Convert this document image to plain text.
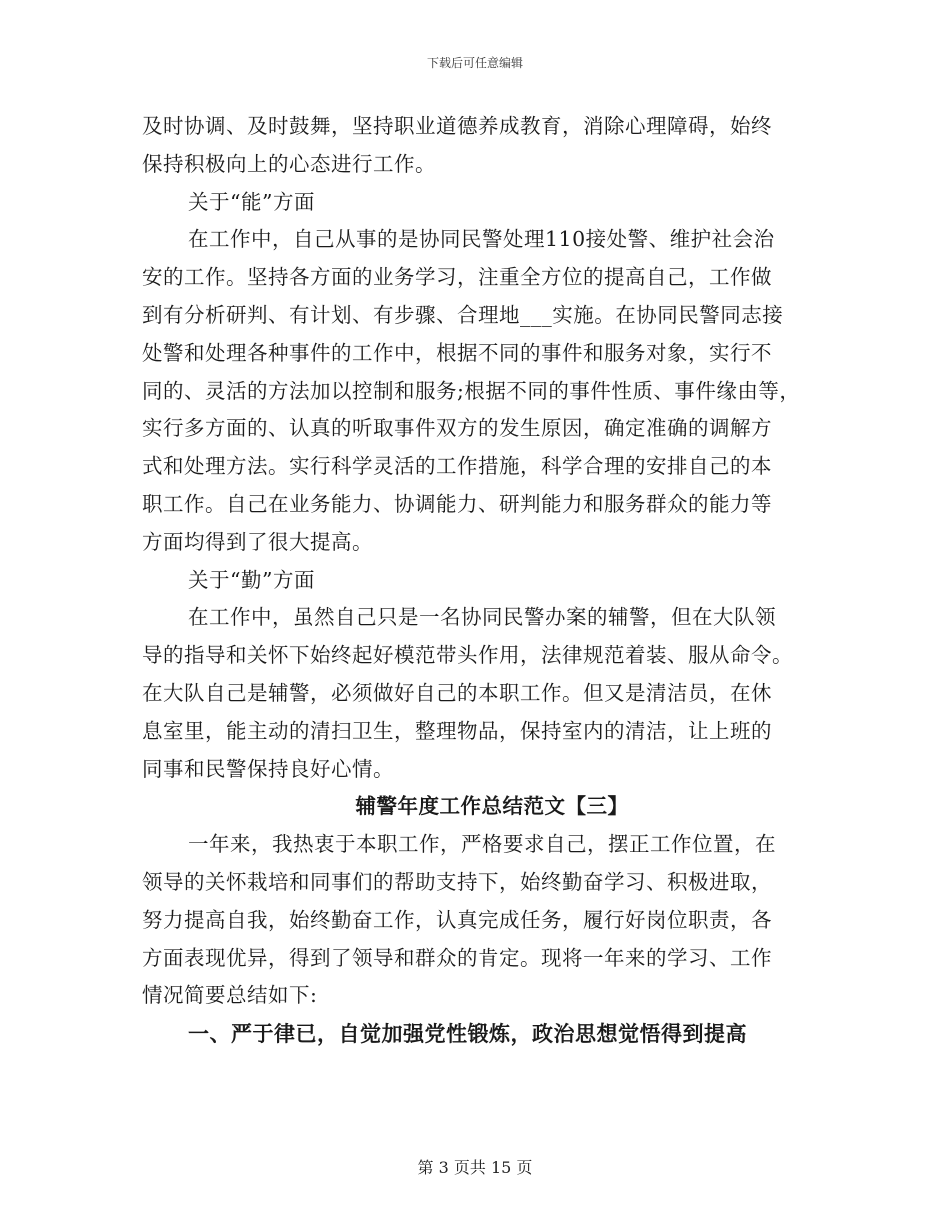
下载后可任意编辑
及时协调、及时鼓舞，坚持职业道德养成教育，消除心理障碍，始终
保持积极向上的心态进行工作。
关于“能”方面
在工作中，自己从事的是协同民警处理110接处警、维护社会治
安的工作。坚持各方面的业务学习，注重全方位的提高自己，工作做
到有分析研判、有计划、有步骤、合理地___实施。在协同民警同志接
处警和处理各种事件的工作中，根据不同的事件和服务对象，实行不
同的、灵活的方法加以控制和服务;根据不同的事件性质、事件缘由等，
实行多方面的、认真的听取事件双方的发生原因，确定准确的调解方
式和处理方法。实行科学灵活的工作措施，科学合理的安排自己的本
职工作。自己在业务能力、协调能力、研判能力和服务群众的能力等
方面均得到了很大提高。
关于“勤”方面
在工作中，虽然自己只是一名协同民警办案的辅警，但在大队领
导的指导和关怀下始终起好模范带头作用，法律规范着装、服从命令。
在大队自己是辅警，必须做好自己的本职工作。但又是清洁员，在休
息室里，能主动的清扫卫生，整理物品，保持室内的清洁，让上班的
同事和民警保持良好心情。
辅警年度工作总结范文【三】
一年来，我热衷于本职工作，严格要求自己，摆正工作位置，在
领导的关怀栽培和同事们的帮助支持下，始终勤奋学习、积极进取，
努力提高自我，始终勤奋工作，认真完成任务，履行好岗位职责，各
方面表现优异，得到了领导和群众的肯定。现将一年来的学习、工作
情况简要总结如下:
一、严于律已，自觉加强党性锻炼，政治思想觉悟得到提高
第 3 页共 15 页
